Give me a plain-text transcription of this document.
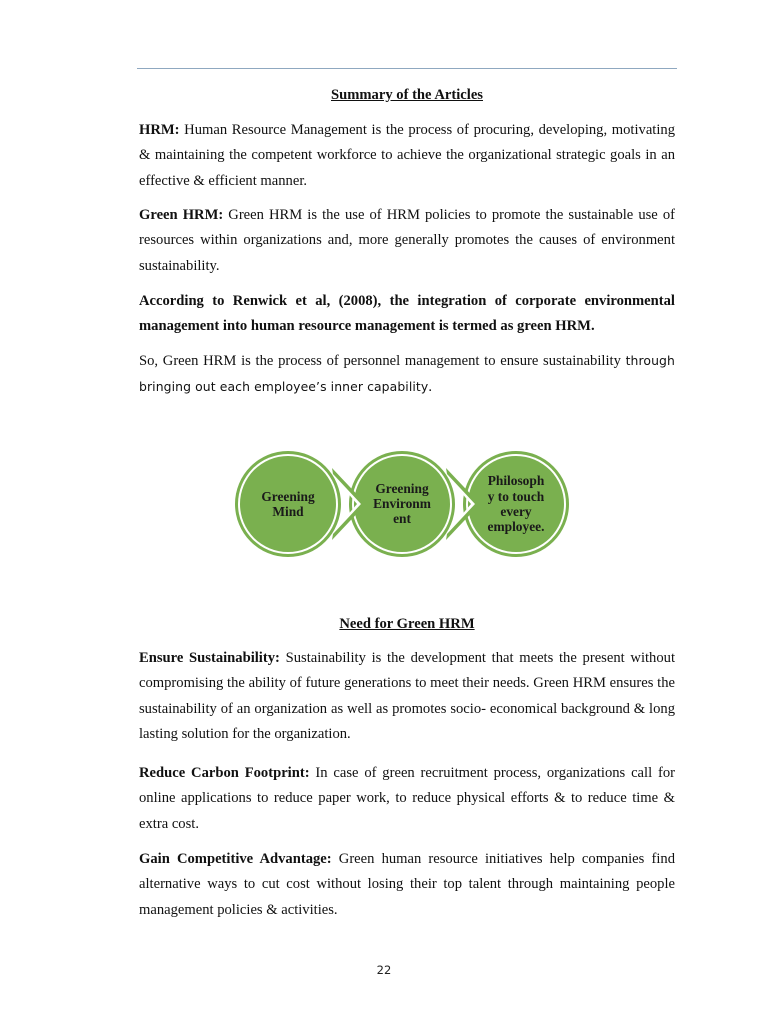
Summary of the Articles

HRM: Human Resource Management is the process of procuring, developing, motivating & maintaining the competent workforce to achieve the organizational strategic goals in an effective & efficient manner.

Green HRM: Green HRM is the use of HRM policies to promote the sustainable use of resources within organizations and, more generally promotes the causes of environment sustainability.

According to Renwick et al, (2008), the integration of corporate environmental management into human resource management is termed as green HRM.

So, Green HRM is the process of personnel management to ensure sustainability through bringing out each employee’s inner capability.

Greening
Mind
Greening
Environm
ent
Philosoph
y to touch
every
employee.
Need for Green HRM

Ensure Sustainability: Sustainability is the development that meets the present without compromising the ability of future generations to meet their needs. Green HRM ensures the sustainability of an organization as well as promotes socio- economical background & long lasting solution for the organization.

Reduce Carbon Footprint: In case of green recruitment process, organizations call for online applications to reduce paper work, to reduce physical efforts & to reduce time & extra cost.

Gain Competitive Advantage: Green human resource initiatives help companies find alternative ways to cut cost without losing their top talent through maintaining people management policies & activities.

22
